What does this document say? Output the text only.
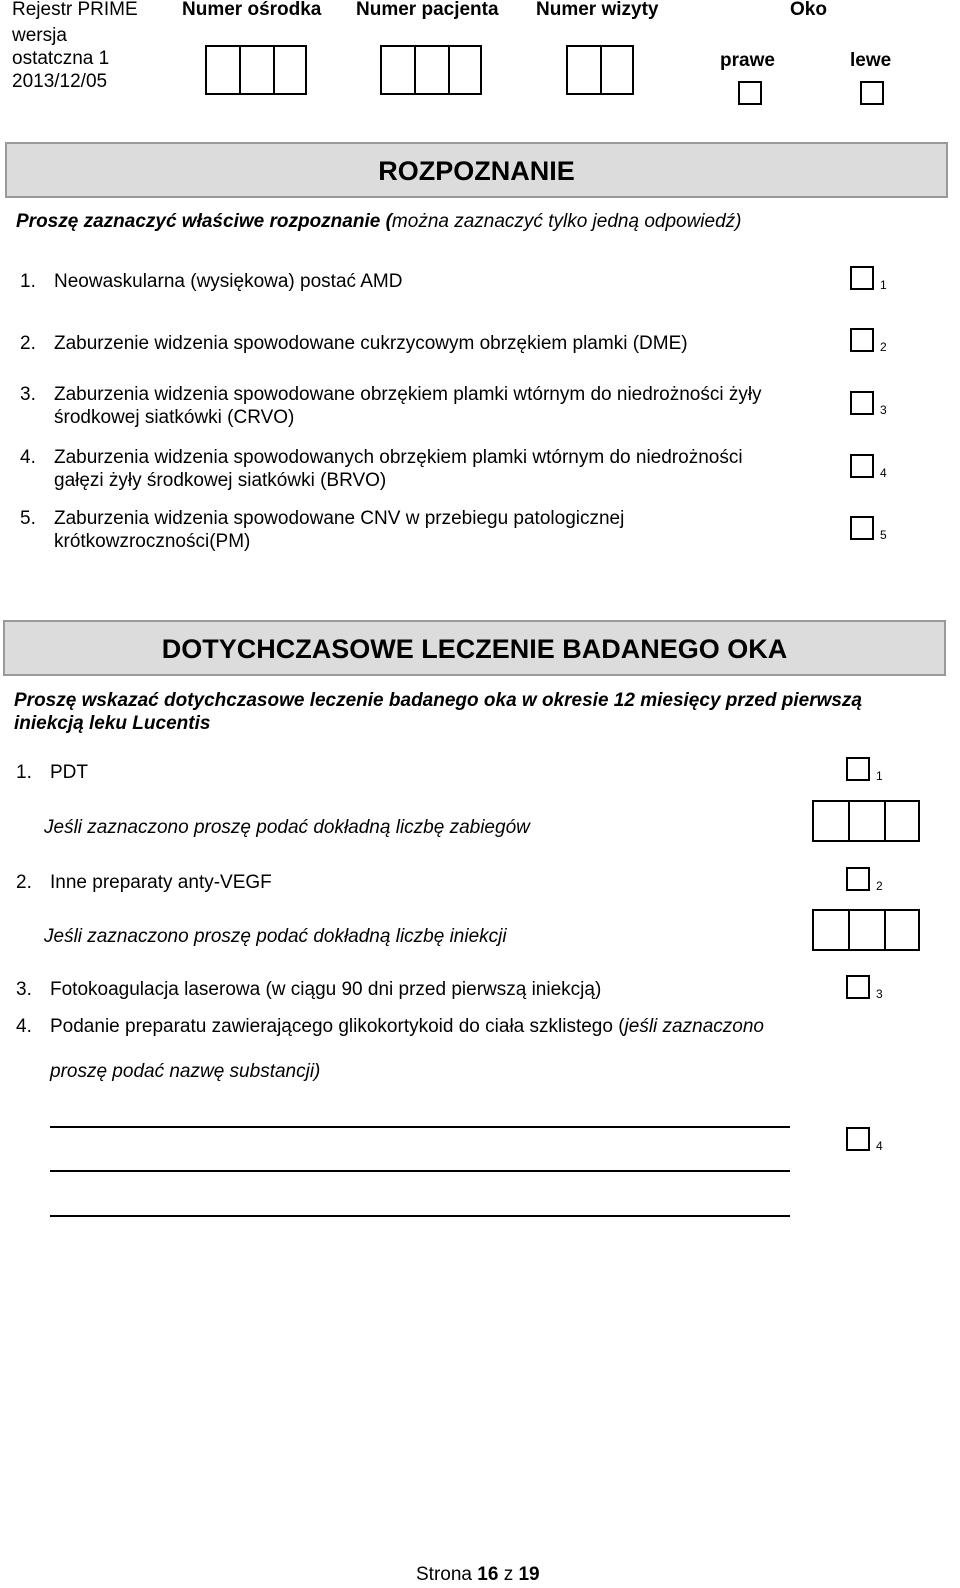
Rejestr PRIME
wersja
ostatczna 1
2013/12/05
Numer ośrodka Numer pacjenta Numer wizyty	Oko
prawe	lewe
ROZPOZNANIE
Proszę zaznaczyć właściwe rozpoznanie (można zaznaczyć tylko jedną odpowiedź)
1. Neowaskularna (wysiękowa) postać AMD	1
2. Zaburzenie widzenia spowodowane cukrzycowym obrzękiem plamki (DME)	2
3. Zaburzenia widzenia spowodowane obrzękiem plamki wtórnym do niedrożności żyły
środkowej siatkówki (CRVO)	3
4. Zaburzenia widzenia spowodowanych obrzękiem plamki wtórnym do niedrożności
gałęzi żyły środkowej siatkówki (BRVO)	4
5. Zaburzenia widzenia spowodowane CNV w przebiegu patologicznej
krótkowzroczności(PM)	5
DOTYCHCZASOWE LECZENIE BADANEGO OKA
Proszę wskazać dotychczasowe leczenie badanego oka w okresie 12 miesięcy przed pierwszą
iniekcją leku Lucentis
1. PDT	1
Jeśli zaznaczono proszę podać dokładną liczbę zabiegów
2. Inne preparaty anty-VEGF	2
Jeśli zaznaczono proszę podać dokładną liczbę iniekcji
3. Fotokoagulacja laserowa (w ciągu 90 dni przed pierwszą iniekcją)	3
4. Podanie preparatu zawierającego glikokortykoid do ciała szklistego (jeśli zaznaczono
proszę podać nazwę substancji)
4
Strona 16 z 19
